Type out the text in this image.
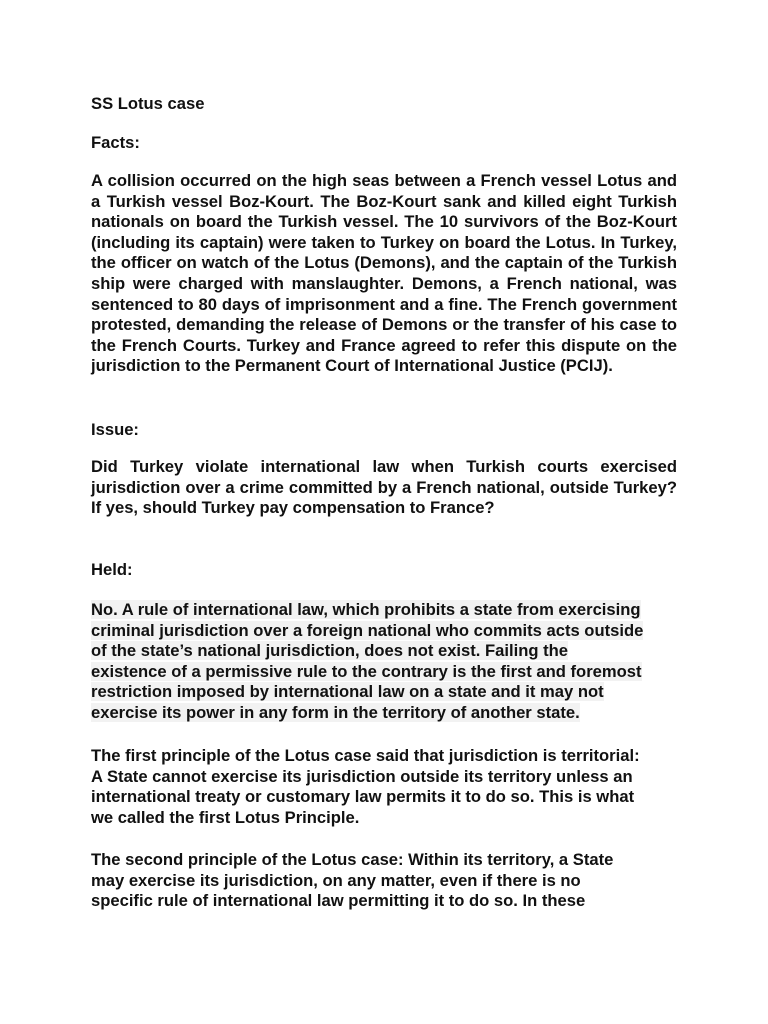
SS Lotus case

Facts:

A collision occurred on the high seas between a French vessel Lotus and a Turkish vessel Boz-Kourt. The Boz-Kourt sank and killed eight Turkish nationals on board the Turkish vessel. The 10 survivors of the Boz-Kourt (including its captain) were taken to Turkey on board the Lotus. In Turkey, the officer on watch of the Lotus (Demons), and the captain of the Turkish ship were charged with manslaughter. Demons, a French national, was sentenced to 80 days of imprisonment and a fine. The French government protested, demanding the release of Demons or the transfer of his case to the French Courts. Turkey and France agreed to refer this dispute on the jurisdiction to the Permanent Court of International Justice (PCIJ).

Issue:

Did Turkey violate international law when Turkish courts exercised jurisdiction over a crime committed by a French national, outside Turkey? If yes, should Turkey pay compensation to France?

Held:

No. A rule of international law, which prohibits a state from exercising
criminal jurisdiction over a foreign national who commits acts outside
of the state’s national jurisdiction, does not exist. Failing the
existence of a permissive rule to the contrary is the first and foremost
restriction imposed by international law on a state and it may not
exercise its power in any form in the territory of another state.
The first principle of the Lotus case said that jurisdiction is territorial:
A State cannot exercise its jurisdiction outside its territory unless an
international treaty or customary law permits it to do so. This is what
we called the first Lotus Principle.
The second principle of the Lotus case: Within its territory, a State
may exercise its jurisdiction, on any matter, even if there is no
specific rule of international law permitting it to do so. In these
